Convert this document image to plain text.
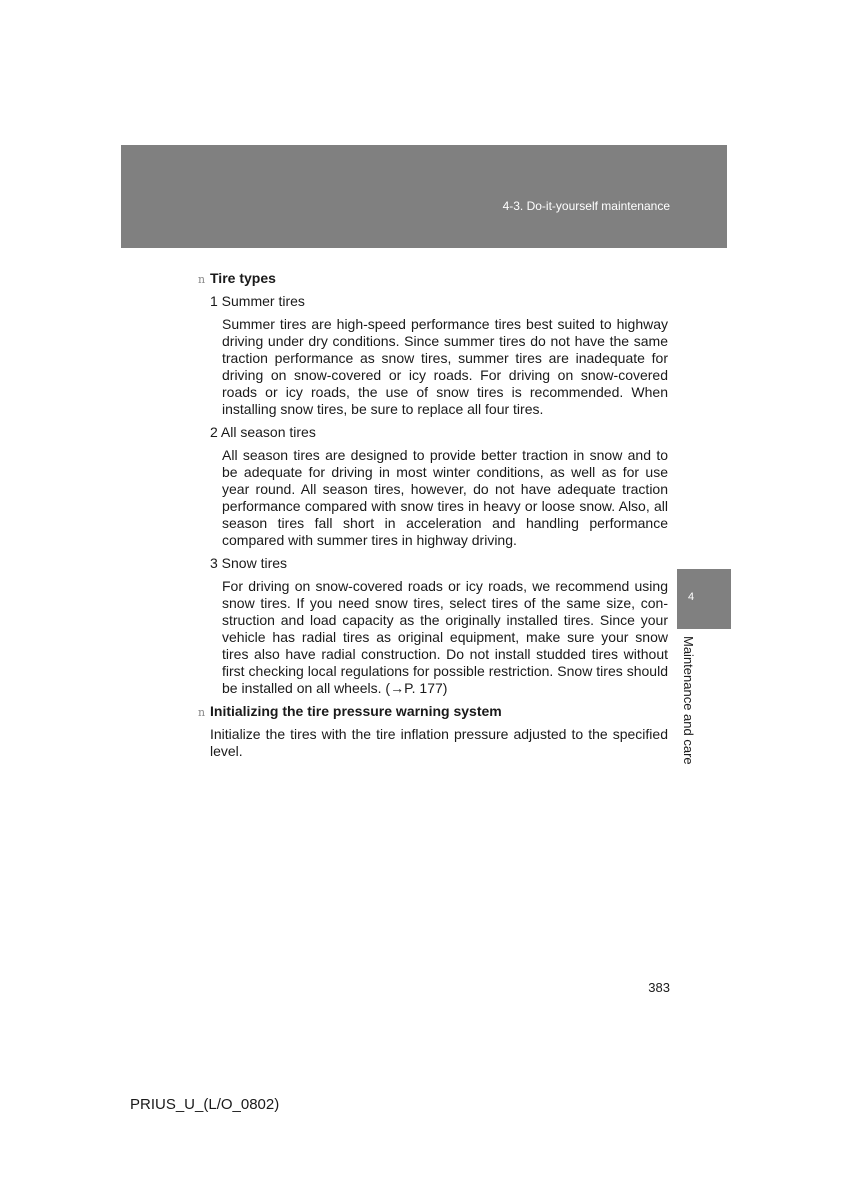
4-3. Do-it-yourself maintenance
4
Maintenance and care
n Tire types
1 Summer tires
Summer tires are high-speed performance tires best suited to highway driving under dry conditions. Since summer tires do not have the same traction performance as snow tires, summer tires are inadequate for driving on snow-covered or icy roads. For driving on snow-covered roads or icy roads, the use of snow tires is recommended. When installing snow tires, be sure to replace all four tires.
2 All season tires
All season tires are designed to provide better traction in snow and to be adequate for driving in most winter conditions, as well as for use year round. All season tires, however, do not have adequate traction performance compared with snow tires in heavy or loose snow. Also, all season tires fall short in acceleration and handling performance compared with summer tires in highway driving.
3 Snow tires
For driving on snow-covered roads or icy roads, we recommend using snow tires. If you need snow tires, select tires of the same size, con-struction and load capacity as the originally installed tires. Since your vehicle has radial tires as original equipment, make sure your snow tires also have radial construction. Do not install studded tires without first checking local regulations for possible restriction. Snow tires should be installed on all wheels. (→P. 177)
n Initializing the tire pressure warning system
Initialize the tires with the tire inflation pressure adjusted to the specified level.
383
PRIUS_U_(L/O_0802)
